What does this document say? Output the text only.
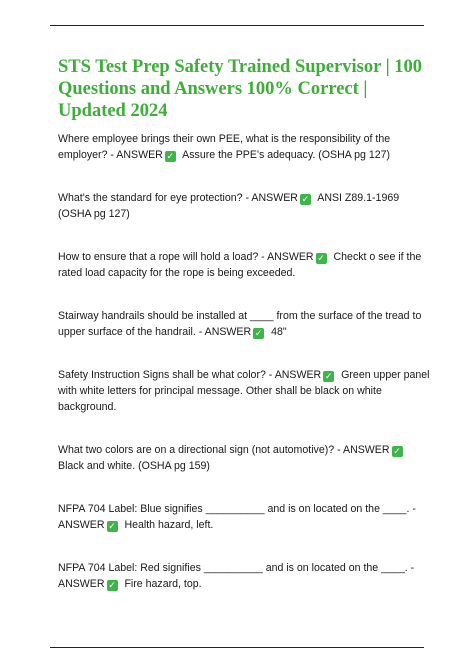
STS Test Prep Safety Trained Supervisor | 100 Questions and Answers 100% Correct | Updated 2024

Where employee brings their own PEE, what is the responsibility of the employer? - ANSWER ✓ Assure the PPE's adequacy. (OSHA pg 127)

What's the standard for eye protection? - ANSWER ✓ ANSI Z89.1-1969 (OSHA pg 127)

How to ensure that a rope will hold a load? - ANSWER ✓ Checkt o see if the rated load capacity for the rope is being exceeded.

Stairway handrails should be installed at ____ from the surface of the tread to upper surface of the handrail. - ANSWER ✓ 48"

Safety Instruction Signs shall be what color? - ANSWER ✓ Green upper panel with white letters for principal message. Other shall be black on white background.

What two colors are on a directional sign (not automotive)? - ANSWER ✓ Black and white. (OSHA pg 159)

NFPA 704 Label: Blue signifies __________ and is on located on the ____. - ANSWER ✓ Health hazard, left.

NFPA 704 Label: Red signifies __________ and is on located on the ____. - ANSWER ✓ Fire hazard, top.
